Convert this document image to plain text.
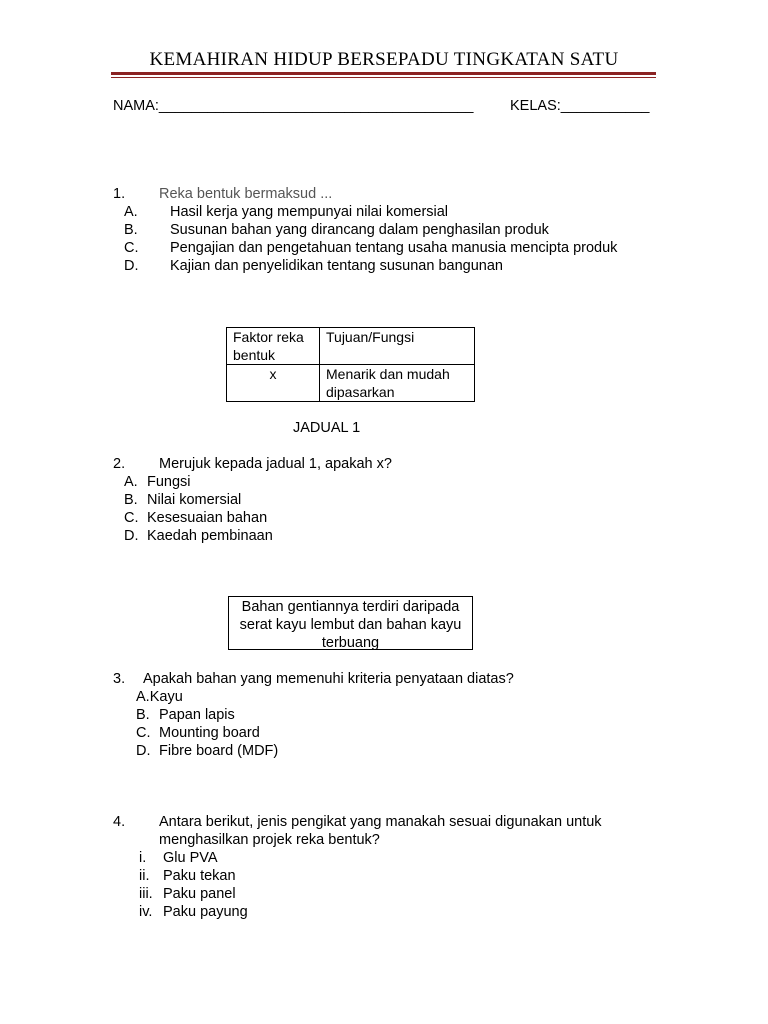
KEMAHIRAN HIDUP BERSEPADU TINGKATAN SATU
NAMA:_______________________________________	KELAS:___________
1. Reka bentuk bermaksud ...
A. Hasil kerja yang mempunyai nilai komersial
B. Susunan bahan yang dirancang dalam penghasilan produk
C. Pengajian dan pengetahuan tentang usaha manusia mencipta produk
D. Kajian dan penyelidikan tentang susunan bangunan
Faktor reka
bentuk	Tujuan/Fungsi
x	Menarik dan mudah
dipasarkan
JADUAL 1
2. Merujuk kepada jadual 1, apakah x?
A. Fungsi
B. Nilai komersial
C. Kesesuaian bahan
D. Kaedah pembinaan
Bahan gentiannya terdiri daripada
serat kayu lembut dan bahan kayu
terbuang
3. Apakah bahan yang memenuhi kriteria penyataan diatas?
A.Kayu
B. Papan lapis
C. Mounting board
D. Fibre board (MDF)
4. Antara berikut, jenis pengikat yang manakah sesuai digunakan untuk
menghasilkan projek reka bentuk?
i. Glu PVA
ii. Paku tekan
iii. Paku panel
iv. Paku payung
